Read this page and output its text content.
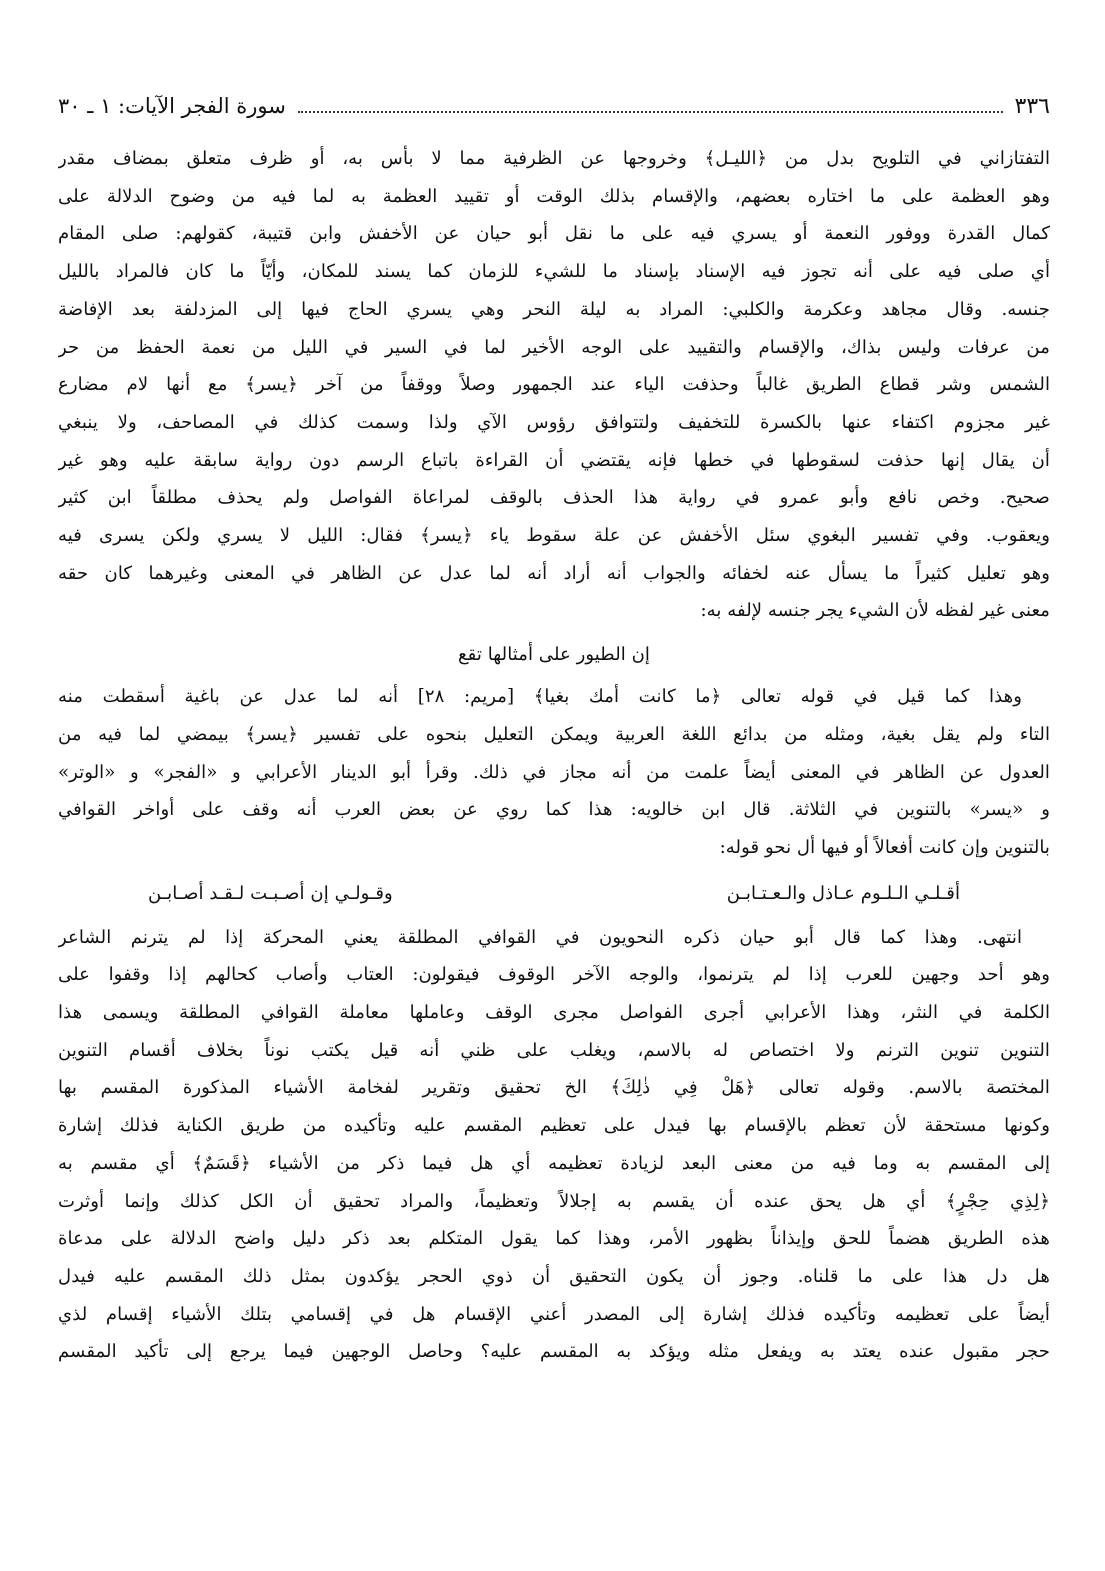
٣٣٦
سورة الفجر الآيات: ١ ـ ٣٠
التفتازاني في التلويح بدل من ﴿الليـل﴾ وخروجها عن الظرفية مما لا بأس به، أو ظرف متعلق بمضاف مقدر
وهو العظمة على ما اختاره بعضهم، والإقسام بذلك الوقت أو تقييد العظمة به لما فيه من وضوح الدلالة على
كمال القدرة ووفور النعمة أو يسري فيه على ما نقل أبو حيان عن الأخفش وابن قتيبة، كقولهم: صلى المقام
أي صلى فيه على أنه تجوز فيه الإسناد بإسناد ما للشيء للزمان كما يسند للمكان، وأيّاً ما كان فالمراد بالليل
جنسه. وقال مجاهد وعكرمة والكلبي: المراد به ليلة النحر وهي يسري الحاج فيها إلى المزدلفة بعد الإفاضة
من عرفات وليس بذاك، والإقسام والتقييد على الوجه الأخير لما في السير في الليل من نعمة الحفظ من حر
الشمس وشر قطاع الطريق غالباً وحذفت الياء عند الجمهور وصلاً ووقفاً من آخر ﴿يسر﴾ مع أنها لام مضارع
غير مجزوم اكتفاء عنها بالكسرة للتخفيف ولتتوافق رؤوس الآي ولذا وسمت كذلك في المصاحف، ولا ينبغي
أن يقال إنها حذفت لسقوطها في خطها فإنه يقتضي أن القراءة باتباع الرسم دون رواية سابقة عليه وهو غير
صحيح. وخص نافع وأبو عمرو في رواية هذا الحذف بالوقف لمراعاة الفواصل ولم يحذف مطلقاً ابن كثير
ويعقوب. وفي تفسير البغوي سئل الأخفش عن علة سقوط ياء ﴿يسر﴾ فقال: الليل لا يسري ولكن يسرى فيه
وهو تعليل كثيراً ما يسأل عنه لخفائه والجواب أنه أراد أنه لما عدل عن الظاهر في المعنى وغيرهما كان حقه
معنى غير لفظه لأن الشيء يجر جنسه لإلفه به:
إن الطيور على أمثالها تقع
وهذا كما قيل في قوله تعالى ﴿ما كانت أمك بغيا﴾ [مريم: ٢٨] أنه لما عدل عن باغية أسقطت منه
التاء ولم يقل بغية، ومثله من بدائع اللغة العربية ويمكن التعليل بنحوه على تفسير ﴿يسر﴾ بيمضي لما فيه من
العدول عن الظاهر في المعنى أيضاً علمت من أنه مجاز في ذلك. وقرأ أبو الدينار الأعرابي و «الفجر» و «الوتر»
و «يسر» بالتنوين في الثلاثة. قال ابن خالويه: هذا كما روي عن بعض العرب أنه وقف على أواخر القوافي
بالتنوين وإن كانت أفعالاً أو فيها أل نحو قوله:
أقـلـي الـلـوم عـاذل والـعـتـابـن
وقـولـي إن أصـبـت لـقـد أصـابـن
انتهى. وهذا كما قال أبو حيان ذكره النحويون في القوافي المطلقة يعني المحركة إذا لم يترنم الشاعر
وهو أحد وجهين للعرب إذا لم يترنموا، والوجه الآخر الوقوف فيقولون: العتاب وأصاب كحالهم إذا وقفوا على
الكلمة في النثر، وهذا الأعرابي أجرى الفواصل مجرى الوقف وعاملها معاملة القوافي المطلقة ويسمى هذا
التنوين تنوين الترنم ولا اختصاص له بالاسم، ويغلب على ظني أنه قيل يكتب نوناً بخلاف أقسام التنوين
المختصة بالاسم. وقوله تعالى ﴿هَلْ فِي ذٰلِكَ﴾ الخ تحقيق وتقرير لفخامة الأشياء المذكورة المقسم بها
وكونها مستحقة لأن تعظم بالإقسام بها فيدل على تعظيم المقسم عليه وتأكيده من طريق الكناية فذلك إشارة
إلى المقسم به وما فيه من معنى البعد لزيادة تعظيمه أي هل فيما ذكر من الأشياء ﴿قَسَمٌ﴾ أي مقسم به
﴿لِذِي حِجْرٍ﴾ أي هل يحق عنده أن يقسم به إجلالاً وتعظيماً، والمراد تحقيق أن الكل كذلك وإنما أوثرت
هذه الطريق هضماً للحق وإيذاناً بظهور الأمر، وهذا كما يقول المتكلم بعد ذكر دليل واضح الدلالة على مدعاة
هل دل هذا على ما قلناه. وجوز أن يكون التحقيق أن ذوي الحجر يؤكدون بمثل ذلك المقسم عليه فيدل
أيضاً على تعظيمه وتأكيده فذلك إشارة إلى المصدر أعني الإقسام هل في إقسامي بتلك الأشياء إقسام لذي
حجر مقبول عنده يعتد به ويفعل مثله ويؤكد به المقسم عليه؟ وحاصل الوجهين فيما يرجع إلى تأكيد المقسم
